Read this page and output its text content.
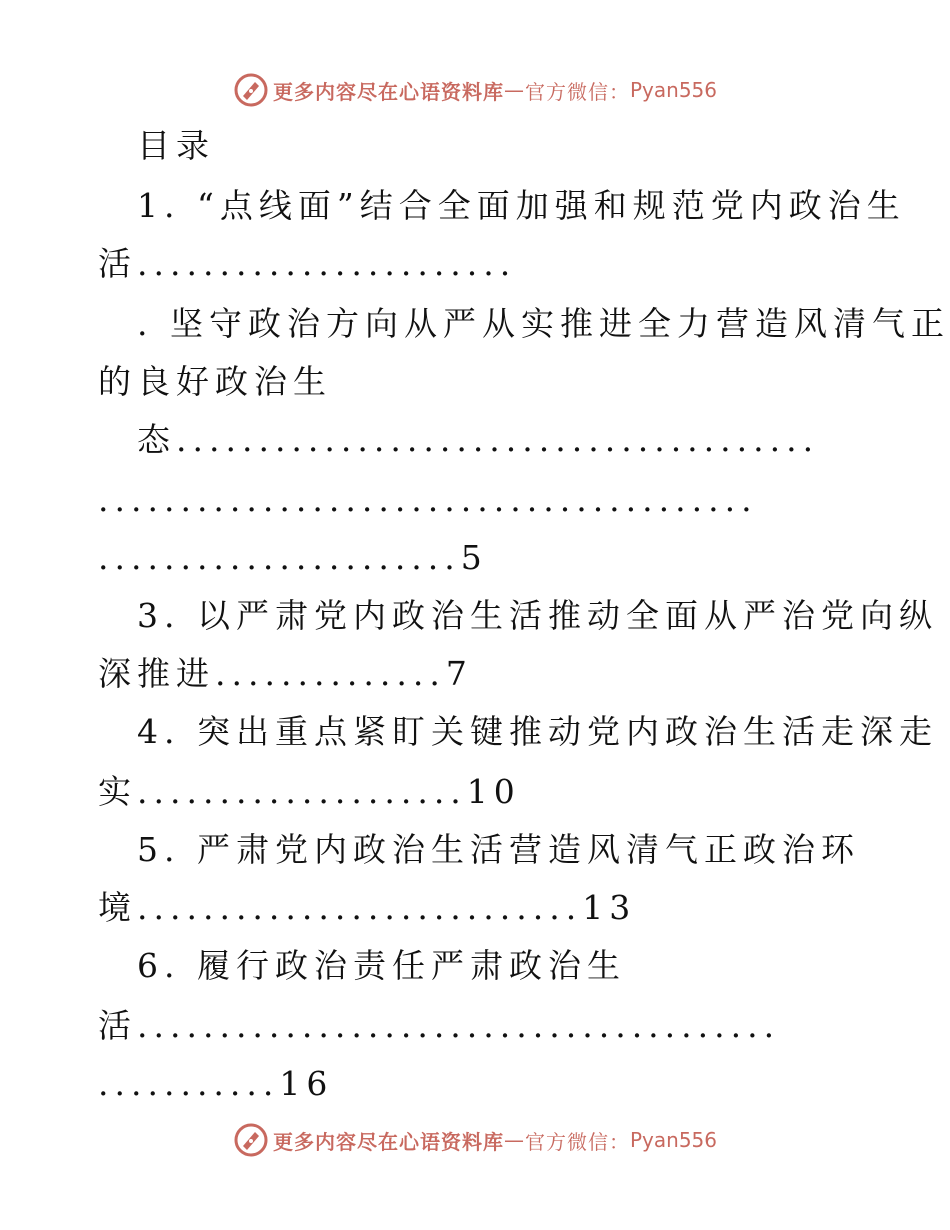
更多内容尽在心语资料库 — 官方微信： Pyan556
目录
1. “点线面”结合全面加强和规范党内政治生
活.......................
. 坚守政治方向从严从实推进全力营造风清气正
的良好政治生
态.......................................
........................................
......................5
3. 以严肃党内政治生活推动全面从严治党向纵
深推进..............7
4. 突出重点紧盯关键推动党内政治生活走深走
实....................10
5. 严肃党内政治生活营造风清气正政治环
境...........................13
6. 履行政治责任严肃政治生
活.......................................
...........16
更多内容尽在心语资料库 — 官方微信： Pyan556
